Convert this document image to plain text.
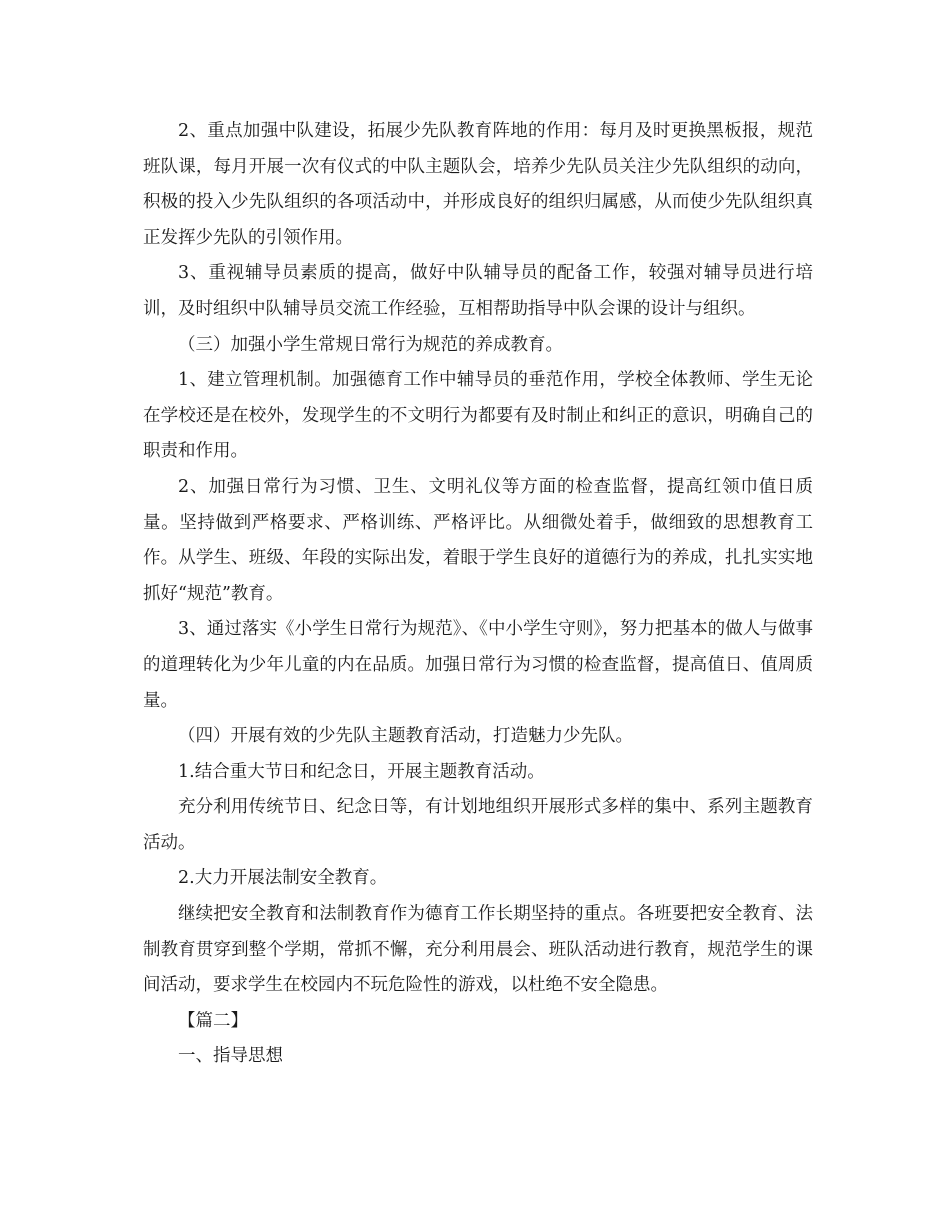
2、重点加强中队建设，拓展少先队教育阵地的作用：每月及时更换黑板报，规范班队课，每月开展一次有仪式的中队主题队会，培养少先队员关注少先队组织的动向，积极的投入少先队组织的各项活动中，并形成良好的组织归属感，从而使少先队组织真正发挥少先队的引领作用。

3、重视辅导员素质的提高，做好中队辅导员的配备工作，较强对辅导员进行培训，及时组织中队辅导员交流工作经验，互相帮助指导中队会课的设计与组织。

（三）加强小学生常规日常行为规范的养成教育。

1、建立管理机制。加强德育工作中辅导员的垂范作用，学校全体教师、学生无论在学校还是在校外，发现学生的不文明行为都要有及时制止和纠正的意识，明确自己的职责和作用。

2、加强日常行为习惯、卫生、文明礼仪等方面的检查监督，提高红领巾值日质量。坚持做到严格要求、严格训练、严格评比。从细微处着手，做细致的思想教育工作。从学生、班级、年段的实际出发，着眼于学生良好的道德行为的养成，扎扎实实地抓好“规范”教育。

3、通过落实《小学生日常行为规范》、《中小学生守则》，努力把基本的做人与做事的道理转化为少年儿童的内在品质。加强日常行为习惯的检查监督，提高值日、值周质量。

（四）开展有效的少先队主题教育活动，打造魅力少先队。

1.结合重大节日和纪念日，开展主题教育活动。

充分利用传统节日、纪念日等，有计划地组织开展形式多样的集中、系列主题教育活动。

2.大力开展法制安全教育。

继续把安全教育和法制教育作为德育工作长期坚持的重点。各班要把安全教育、法制教育贯穿到整个学期，常抓不懈，充分利用晨会、班队活动进行教育，规范学生的课间活动，要求学生在校园内不玩危险性的游戏，以杜绝不安全隐患。

【篇二】

一、指导思想
